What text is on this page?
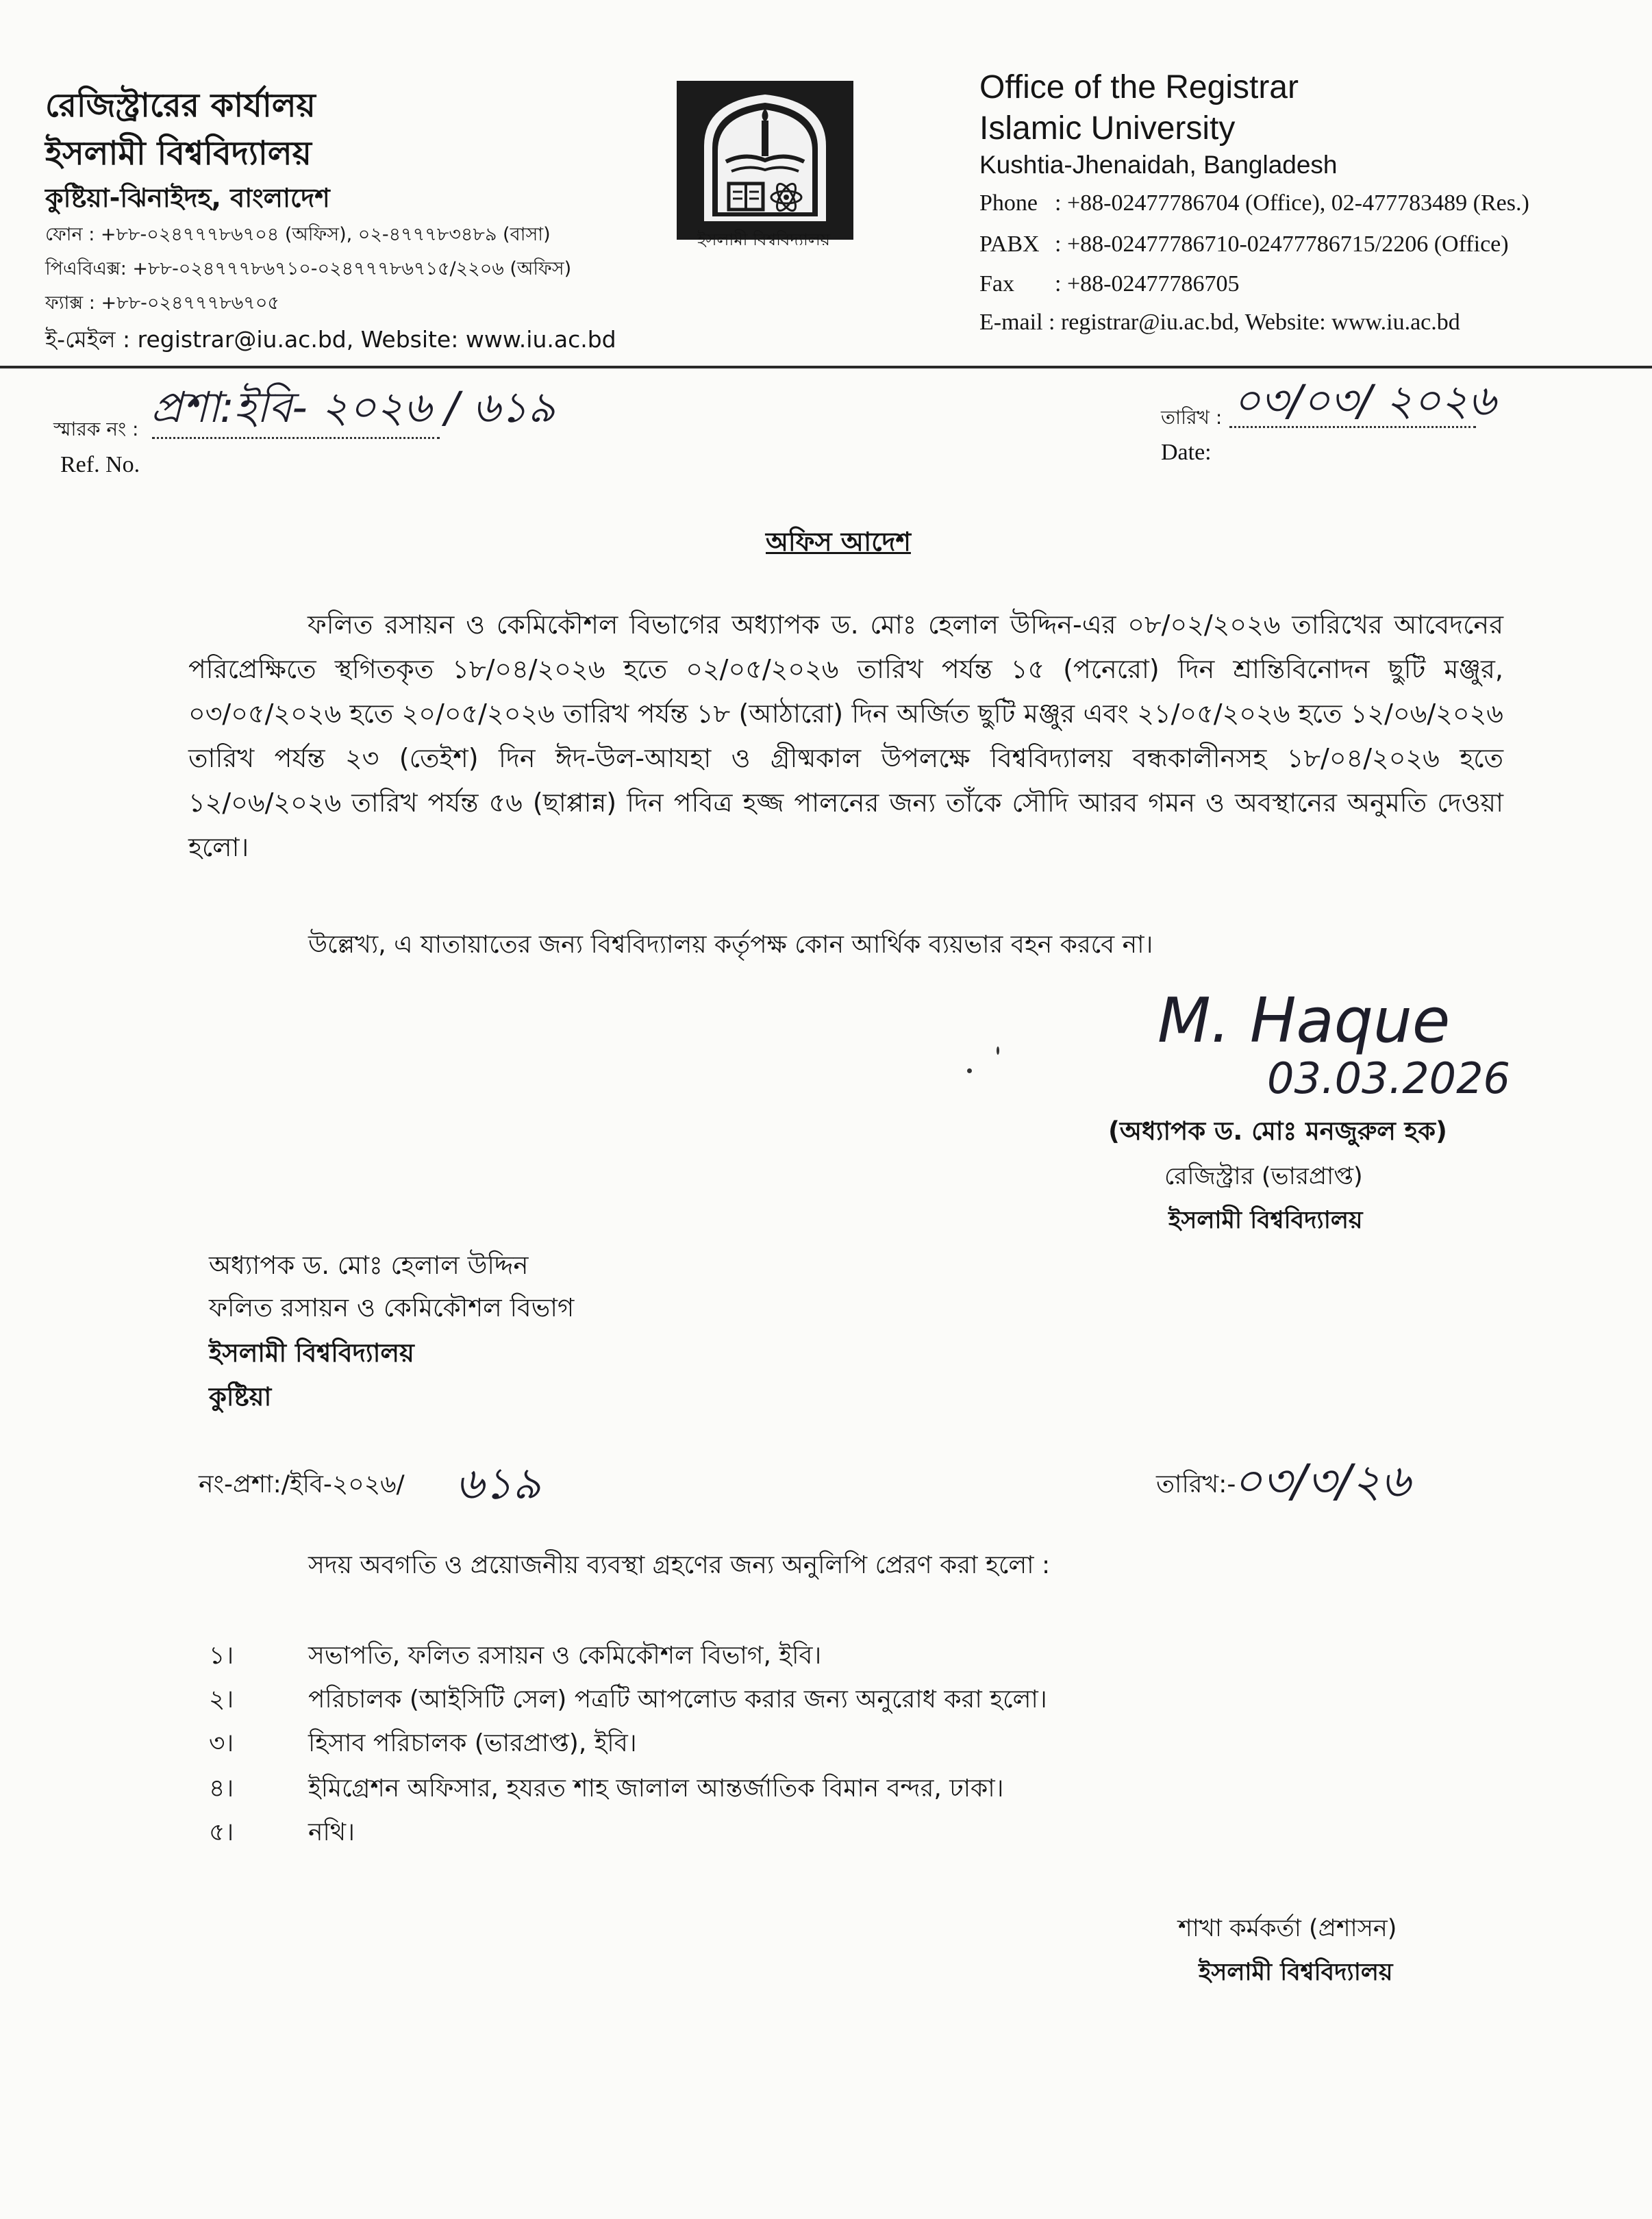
রেজিস্ট্রারের কার্যালয়
ইসলামী বিশ্ববিদ্যালয়
কুষ্টিয়া-ঝিনাইদহ, বাংলাদেশ
ফোন : +৮৮-০২৪৭৭৭৮৬৭০৪ (অফিস), ০২-৪৭৭৭৮৩৪৮৯ (বাসা)
পিএবিএক্স: +৮৮-০২৪৭৭৭৮৬৭১০-০২৪৭৭৭৮৬৭১৫/২২০৬ (অফিস)
ফ্যাক্স : +৮৮-০২৪৭৭৭৮৬৭০৫
ই-মেইল : registrar@iu.ac.bd, Website: www.iu.ac.bd
ইসলামী বিশ্ববিদ্যালয়
Office of the Registrar
Islamic University
Kushtia-Jhenaidah, Bangladesh
Phone : +88-02477786704 (Office), 02-477783489 (Res.)
PABX : +88-02477786710-02477786715/2206 (Office)
Fax : +88-02477786705
E-mail : registrar@iu.ac.bd, Website: www.iu.ac.bd
স্মারক নং : প্রশা:ইবি- ২০২৬ / ৬১৯
Ref. No.
তারিখ : ০৩/০৩/ ২০২৬
Date:
অফিস আদেশ

ফলিত রসায়ন ও কেমিকৌশল বিভাগের অধ্যাপক ড. মোঃ হেলাল উদ্দিন-এর ০৮/০২/২০২৬ তারিখের আবেদনের পরিপ্রেক্ষিতে স্থগিতকৃত ১৮/০৪/২০২৬ হতে ০২/০৫/২০২৬ তারিখ পর্যন্ত ১৫ (পনেরো) দিন শ্রান্তিবিনোদন ছুটি মঞ্জুর, ০৩/০৫/২০২৬ হতে ২০/০৫/২০২৬ তারিখ পর্যন্ত ১৮ (আঠারো) দিন অর্জিত ছুটি মঞ্জুর এবং ২১/০৫/২০২৬ হতে ১২/০৬/২০২৬ তারিখ পর্যন্ত ২৩ (তেইশ) দিন ঈদ-উল-আযহা ও গ্রীষ্মকাল উপলক্ষে বিশ্ববিদ্যালয় বন্ধকালীনসহ ১৮/০৪/২০২৬ হতে ১২/০৬/২০২৬ তারিখ পর্যন্ত ৫৬ (ছাপ্পান্ন) দিন পবিত্র হজ্জ পালনের জন্য তাঁকে সৌদি আরব গমন ও অবস্থানের অনুমতি দেওয়া হলো।

উল্লেখ্য, এ যাতায়াতের জন্য বিশ্ববিদ্যালয় কর্তৃপক্ষ কোন আর্থিক ব্যয়ভার বহন করবে না।
M. Haque
03.03.2026
(অধ্যাপক ড. মোঃ মনজুরুল হক)
রেজিস্ট্রার (ভারপ্রাপ্ত)
ইসলামী বিশ্ববিদ্যালয়
অধ্যাপক ড. মোঃ হেলাল উদ্দিন
ফলিত রসায়ন ও কেমিকৌশল বিভাগ
ইসলামী বিশ্ববিদ্যালয়
কুষ্টিয়া
নং-প্রশা:/ইবি-২০২৬/ ৬১৯	তারিখ:-
০৩/৩/২৬
সদয় অবগতি ও প্রয়োজনীয় ব্যবস্থা গ্রহণের জন্য অনুলিপি প্রেরণ করা হলো :
১।	সভাপতি, ফলিত রসায়ন ও কেমিকৌশল বিভাগ, ইবি।
২।	পরিচালক (আইসিটি সেল) পত্রটি আপলোড করার জন্য অনুরোধ করা হলো।
৩।	হিসাব পরিচালক (ভারপ্রাপ্ত), ইবি।
৪।	ইমিগ্রেশন অফিসার, হযরত শাহ জালাল আন্তর্জাতিক বিমান বন্দর, ঢাকা।
৫।	নথি।
শাখা কর্মকর্তা (প্রশাসন)
ইসলামী বিশ্ববিদ্যালয়
